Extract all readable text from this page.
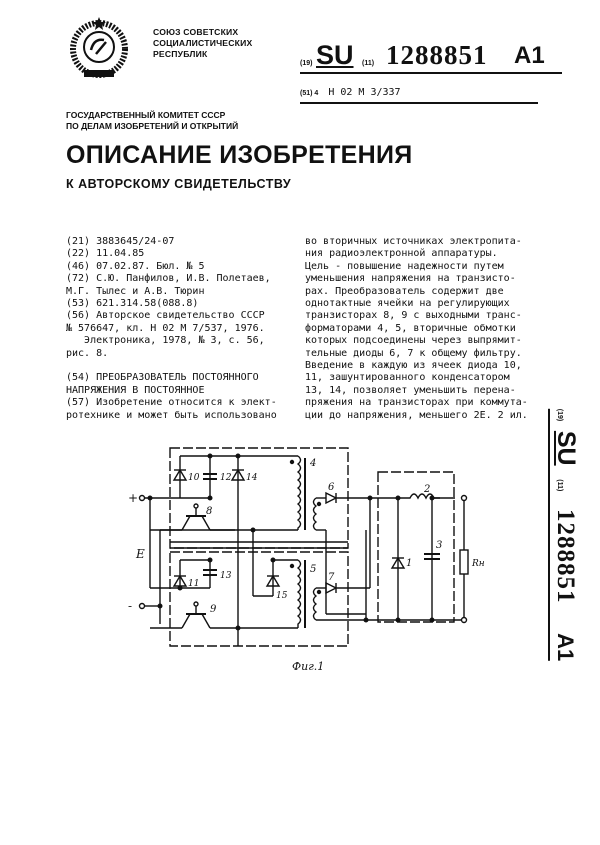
СОЮЗ СОВЕТСКИХ
СОЦИАЛИСТИЧЕСКИХ
РЕСПУБЛИК
(19) SU (11) 1288851 A1
(51) 4 H 02 M 3/337
ГОСУДАРСТВЕННЫЙ КОМИТЕТ СССР
ПО ДЕЛАМ ИЗОБРЕТЕНИЙ И ОТКРЫТИЙ
ОПИСАНИЕ ИЗОБРЕТЕНИЯ
К АВТОРСКОМУ СВИДЕТЕЛЬСТВУ
(21) 3883645/24-07
(22) 11.04.85
(46) 07.02.87. Бюл. № 5
(72) С.Ю. Панфилов, И.В. Полетаев,
М.Г. Тылес и А.В. Тюрин
(53) 621.314.58(088.8)
(56) Авторское свидетельство СССР
№ 576647, кл. H 02 M 7/537, 1976.
Электроника, 1978, № 3, с. 56,
рис. 8.
(54) ПРЕОБРАЗОВАТЕЛЬ ПОСТОЯННОГО
НАПРЯЖЕНИЯ В ПОСТОЯННОЕ
(57) Изобретение относится к элект-
ротехнике и может быть использовано
во вторичных источниках электропита-
ния радиоэлектронной аппаратуры.
Цель - повышение надежности путем
уменьшения напряжения на транзисто-
рах. Преобразователь содержит две
однотактные ячейки на регулирующих
транзисторах 8, 9 с выходными транс-
форматорами 4, 5, вторичные обмотки
которых подсоединены через выпрямит-
тельные диоды 6, 7 к общему фильтру.
Введение в каждую из ячеек диода 10,
11, зашунтированного конденсатором
13, 14, позволяет уменьшить перена-
пряжения на транзисторах при коммута-
ции до напряжения, меньшего 2Е. 2 ил.	(19) SU (11) 1288851 A1
+
-
E
8
9
10
11
12
13
14
15
4
5
6
7
2
1
3
Rн
Фиг.1
